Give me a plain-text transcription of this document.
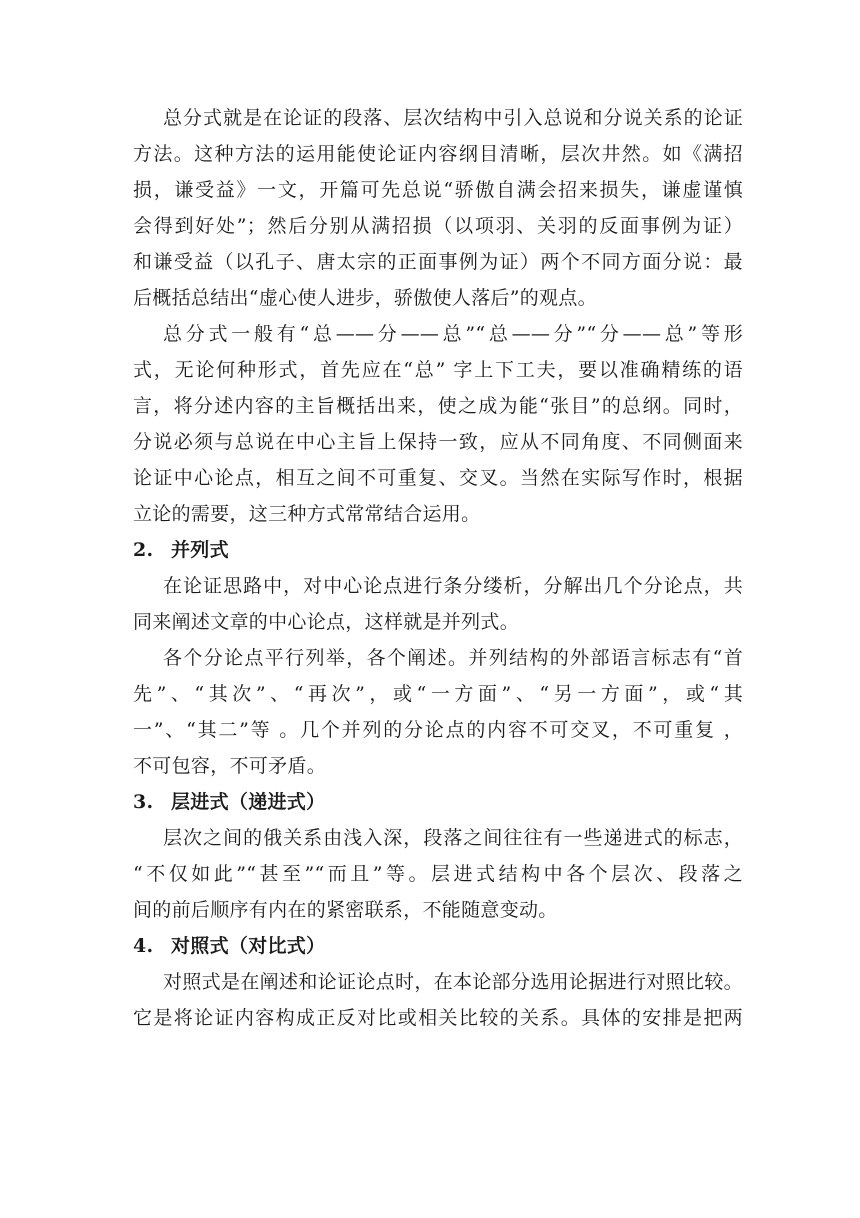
总分式就是在论证的段落、层次结构中引入总说和分说关系的论证
方法。这种方法的运用能使论证内容纲目清晰，层次井然。如《满招
损，谦受益》一文，开篇可先总说“骄傲自满会招来损失，谦虚谨慎
会得到好处”；然后分别从满招损（以项羽、关羽的反面事例为证）
和谦受益（以孔子、唐太宗的正面事例为证）两个不同方面分说：最
后概括总结出“虚心使人进步，骄傲使人落后”的观点。
总分式一般有“总——分——总”“总——分”“分——总”等形
式，无论何种形式，首先应在“总” 字上下工夫，要以准确精练的语
言，将分述内容的主旨概括出来，使之成为能“张目”的总纲。同时，
分说必须与总说在中心主旨上保持一致，应从不同角度、不同侧面来
论证中心论点，相互之间不可重复、交叉。当然在实际写作时，根据
立论的需要，这三种方式常常结合运用。
2. 并列式
在论证思路中，对中心论点进行条分缕析，分解出几个分论点，共
同来阐述文章的中心论点，这样就是并列式。
各个分论点平行列举，各个阐述。并列结构的外部语言标志有“首
先”、“其次”、“再次”，或“一方面”、“另一方面”，或“其
一”、“其二”等 。几个并列的分论点的内容不可交叉，不可重复 ，
不可包容，不可矛盾。
3. 层进式（递进式）
层次之间的俄关系由浅入深，段落之间往往有一些递进式的标志，
“不仅如此”“甚至”“而且”等。层进式结构中各个层次、段落之
间的前后顺序有内在的紧密联系，不能随意变动。
4. 对照式（对比式）
对照式是在阐述和论证论点时，在本论部分选用论据进行对照比较。
它是将论证内容构成正反对比或相关比较的关系。具体的安排是把两
